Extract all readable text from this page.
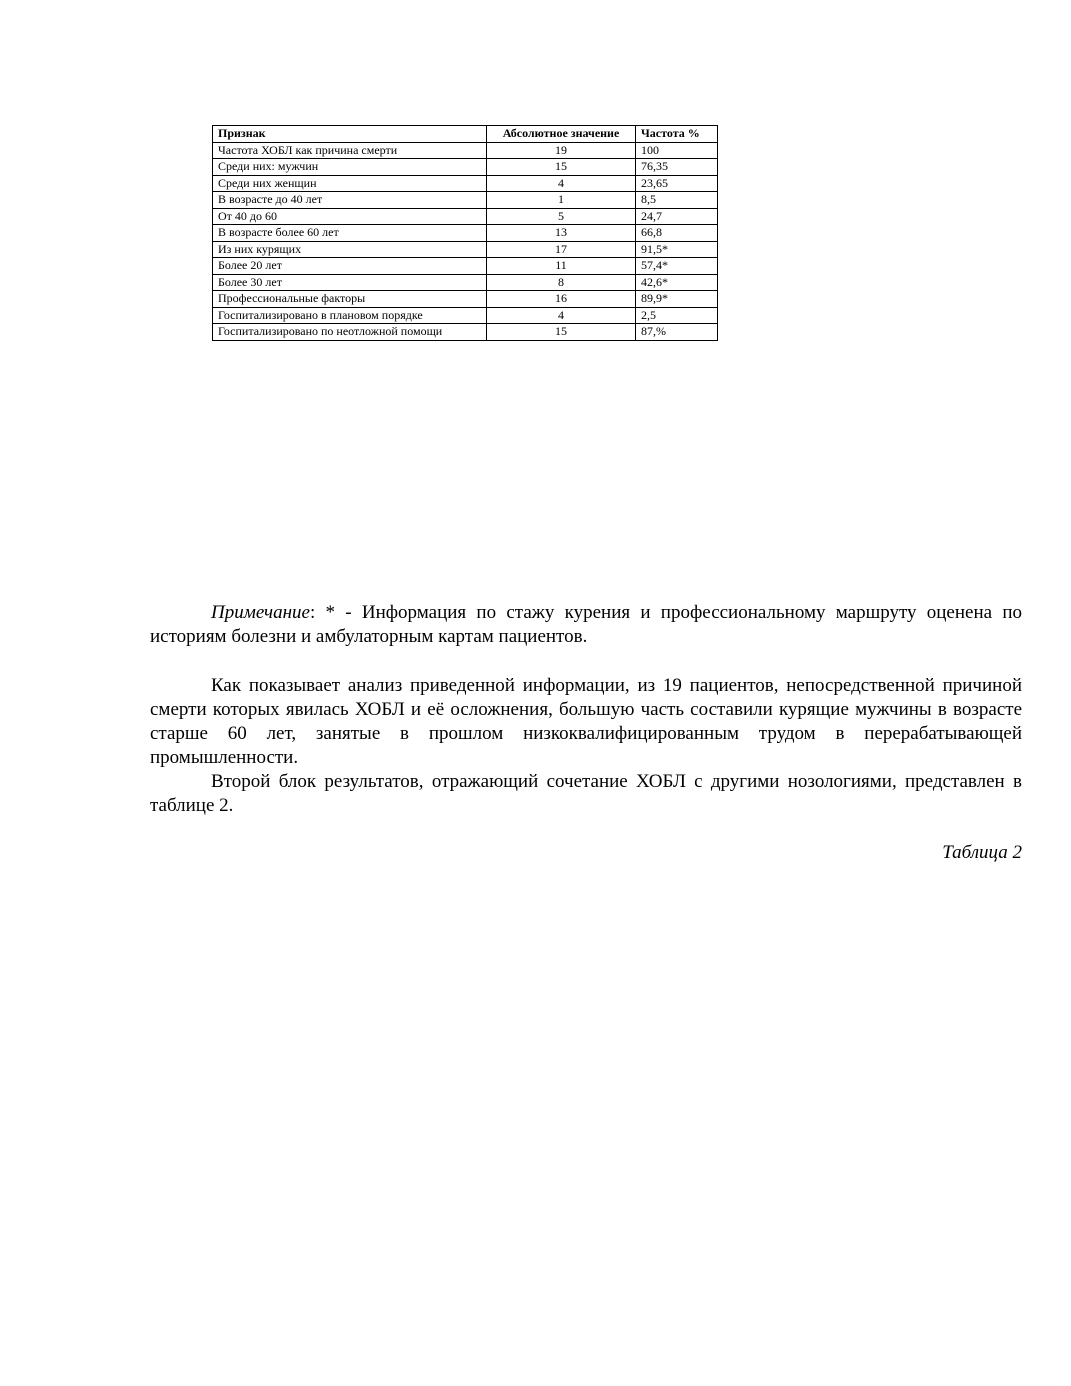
Признак	Абсолютное значение	Частота %
Частота ХОБЛ как причина смерти	19	100
Среди них: мужчин	15	76,35
Среди них женщин	4	23,65
В возрасте до 40 лет	1	8,5
От 40 до 60	5	24,7
В возрасте более 60 лет	13	66,8
Из них курящих	17	91,5*
Более 20 лет	11	57,4*
Более 30 лет	8	42,6*
Профессиональные факторы	16	89,9*
Госпитализировано в плановом порядке	4	2,5
Госпитализировано по неотложной помощи	15	87,%

Примечание: * - Информация по стажу курения и профессиональному маршруту оценена по историям болезни и амбулаторным картам пациентов.

Как показывает анализ приведенной информации, из 19 пациентов, непосредственной причиной смерти которых явилась ХОБЛ и её осложнения, большую часть составили курящие мужчины в возрасте старше 60 лет, занятые в прошлом низкоквалифицированным трудом в перерабатывающей промышленности.

Второй блок результатов, отражающий сочетание ХОБЛ с другими нозологиями, представлен в таблице 2.

Таблица 2
